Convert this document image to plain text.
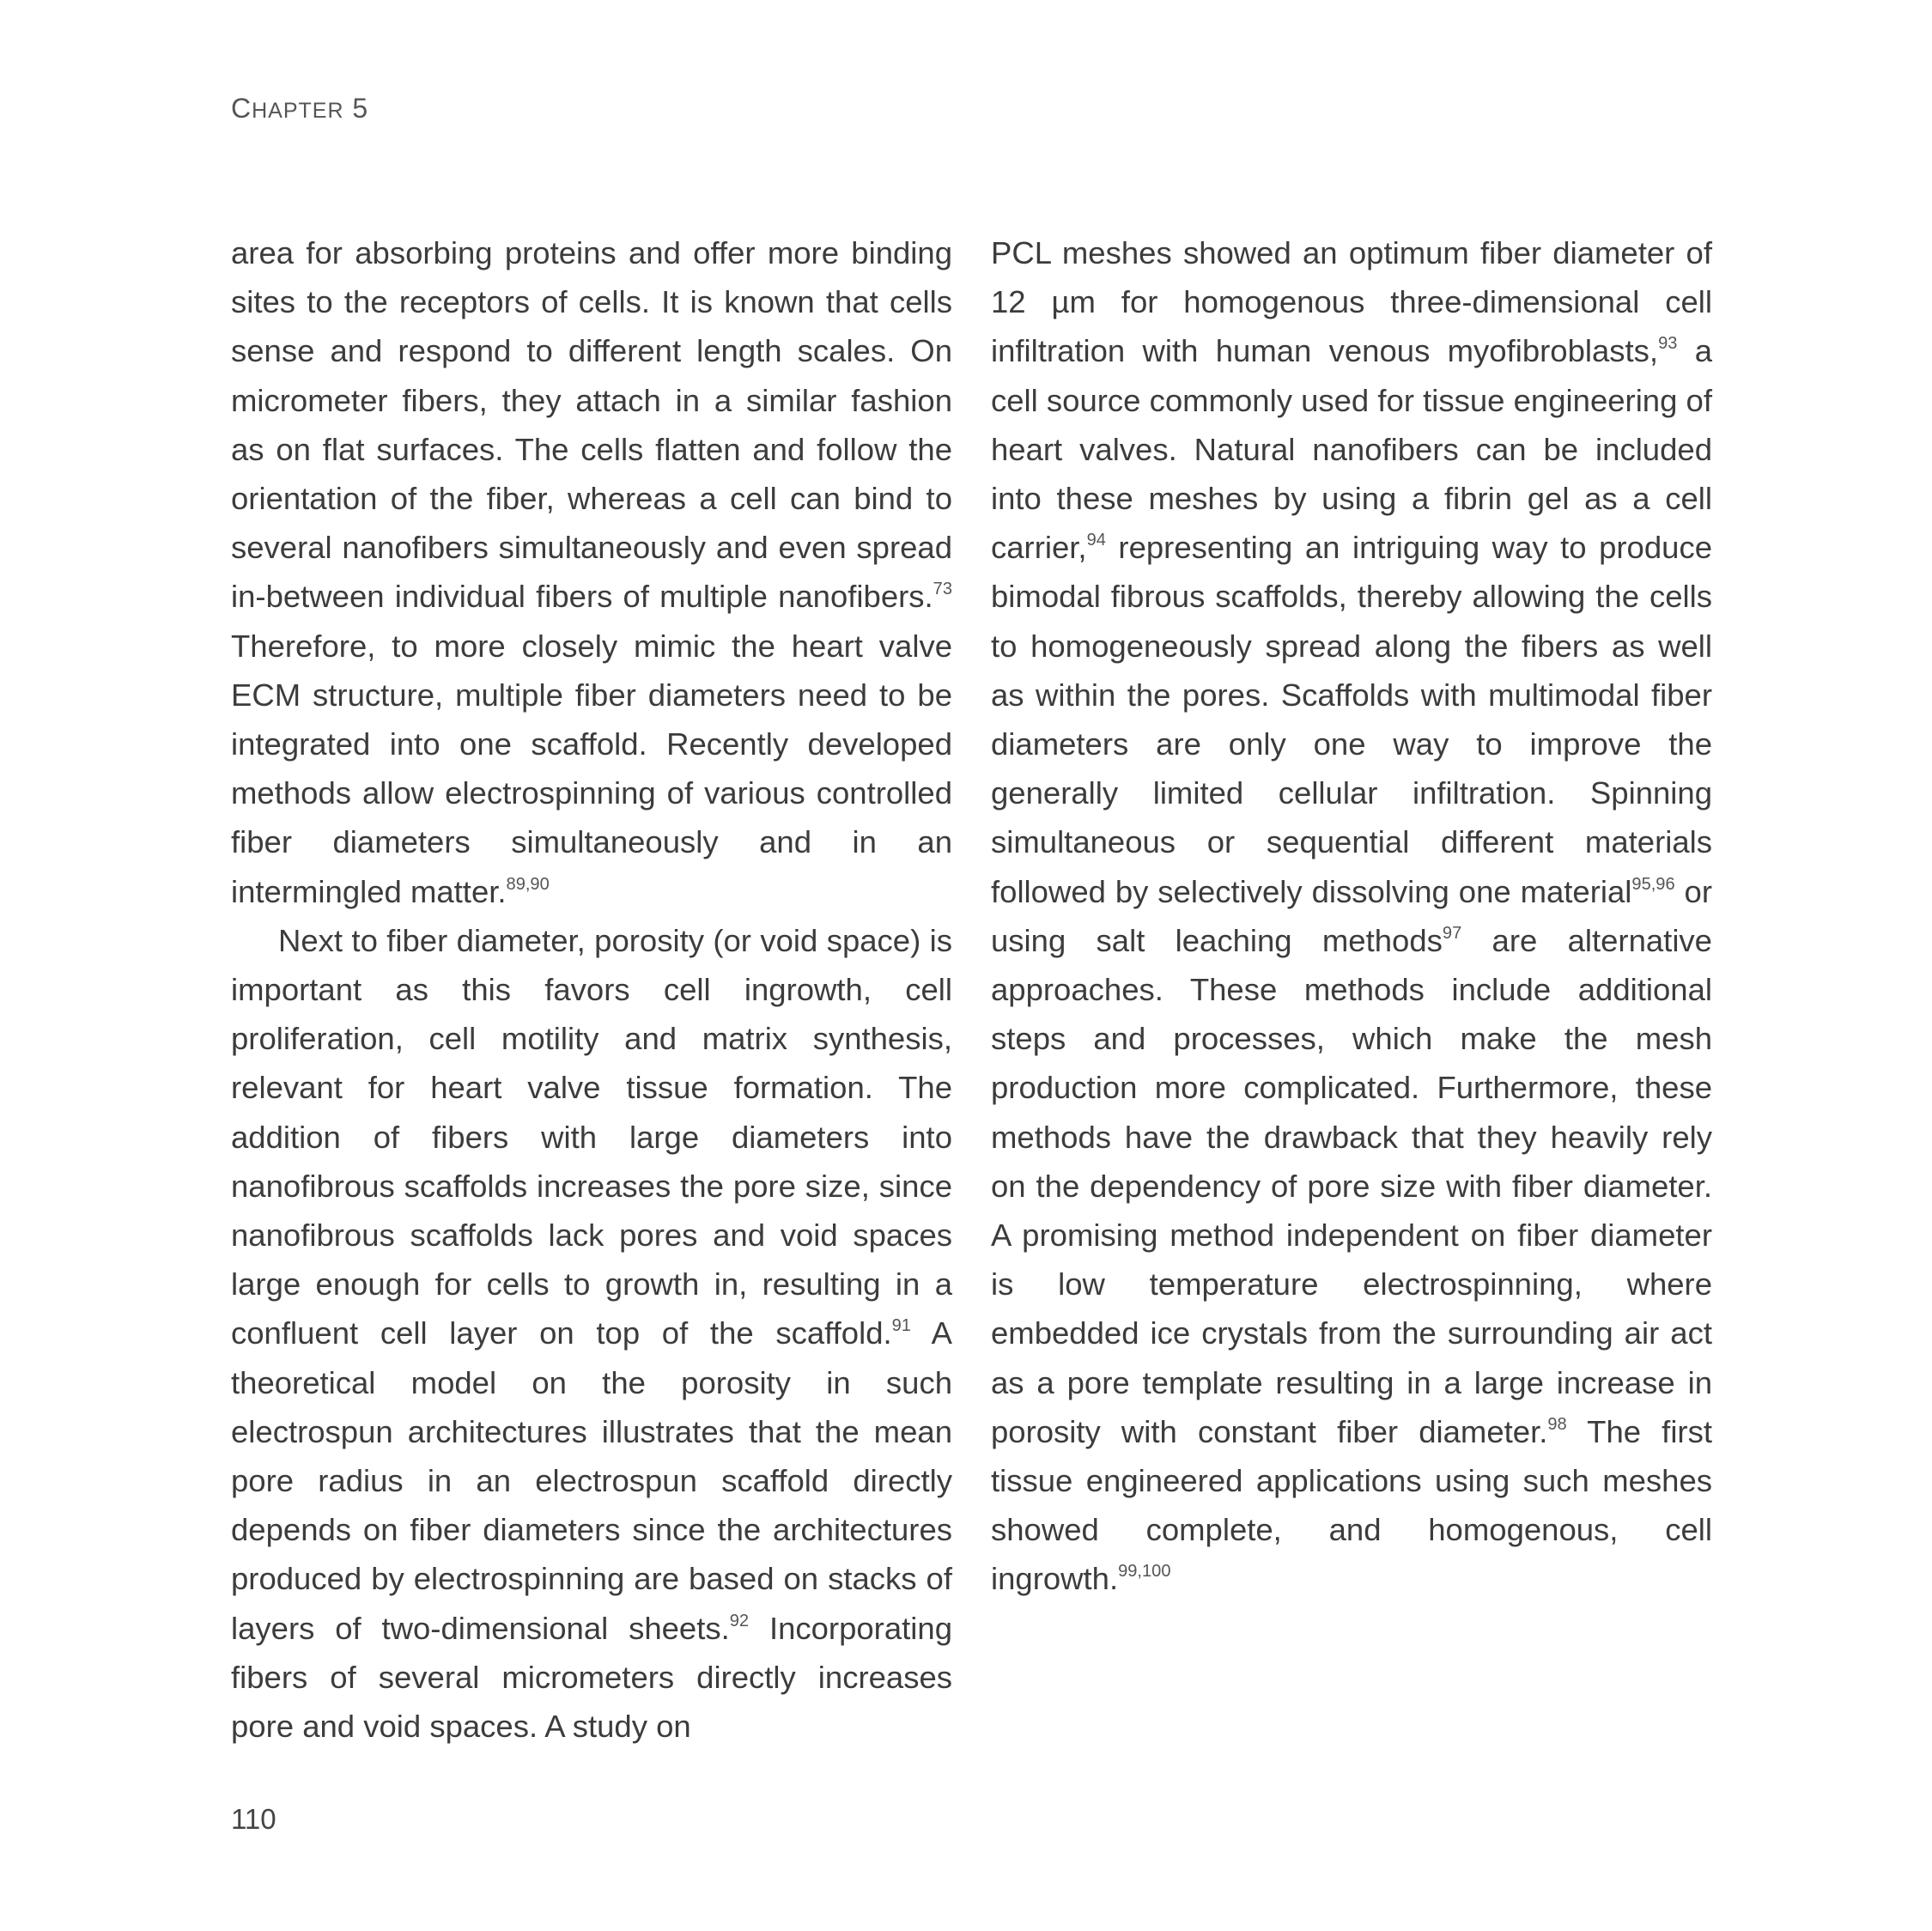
CHAPTER 5

area for absorbing proteins and offer more binding sites to the receptors of cells. It is known that cells sense and respond to different length scales. On micrometer fibers, they attach in a similar fashion as on flat surfaces. The cells flatten and follow the orientation of the fiber, whereas a cell can bind to several nanofibers simultaneously and even spread in-between individual fibers of multiple nanofibers.$^{73}$ Therefore, to more closely mimic the heart valve ECM structure, multiple fiber diameters need to be integrated into one scaffold. Recently developed methods allow electrospinning of various controlled fiber diameters simultaneously and in an intermingled matter.$^{89,90}$

Next to fiber diameter, porosity (or void space) is important as this favors cell ingrowth, cell proliferation, cell motility and matrix synthesis, relevant for heart valve tissue formation. The addition of fibers with large diameters into nanofibrous scaffolds increases the pore size, since nanofibrous scaffolds lack pores and void spaces large enough for cells to growth in, resulting in a confluent cell layer on top of the scaffold.$^{91}$ A theoretical model on the porosity in such electrospun architectures illustrates that the mean pore radius in an electrospun scaffold directly depends on fiber diameters since the architectures produced by electrospinning are based on stacks of layers of two-dimensional sheets.$^{92}$ Incorporating fibers of several micrometers directly increases pore and void spaces. A study on

PCL meshes showed an optimum fiber diameter of 12 µm for homogenous three-dimensional cell infiltration with human venous myofibroblasts,$^{93}$ a cell source commonly used for tissue engineering of heart valves. Natural nanofibers can be included into these meshes by using a fibrin gel as a cell carrier,$^{94}$ representing an intriguing way to produce bimodal fibrous scaffolds, thereby allowing the cells to homogeneously spread along the fibers as well as within the pores. Scaffolds with multimodal fiber diameters are only one way to improve the generally limited cellular infiltration. Spinning simultaneous or sequential different materials followed by selectively dissolving one material$^{95,96}$ or using salt leaching methods$^{97}$ are alternative approaches. These methods include additional steps and processes, which make the mesh production more complicated. Furthermore, these methods have the drawback that they heavily rely on the dependency of pore size with fiber diameter. A promising method independent on fiber diameter is low temperature electrospinning, where embedded ice crystals from the surrounding air act as a pore template resulting in a large increase in porosity with constant fiber diameter.$^{98}$ The first tissue engineered applications using such meshes showed complete, and homogenous, cell ingrowth.$^{99,100}$

110
